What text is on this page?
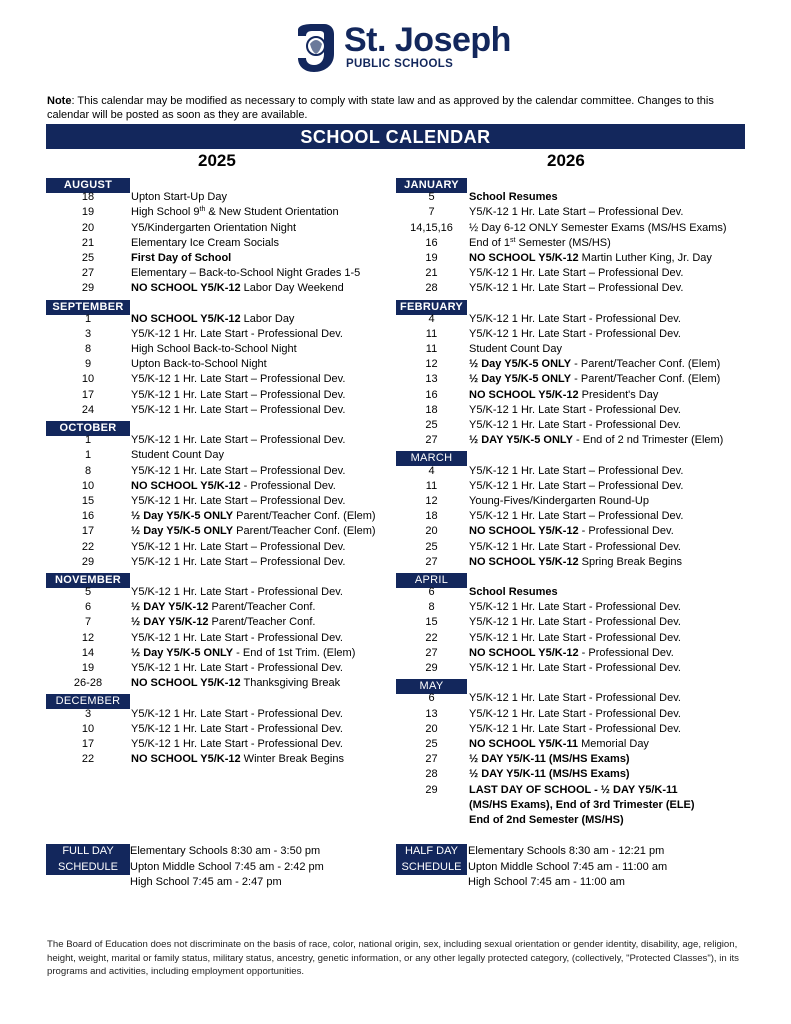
St. Joseph
PUBLIC SCHOOLS
Note: This calendar may be modified as necessary to comply with state law and as approved by the calendar committee. Changes to this calendar will be posted as soon as they are available.
SCHOOL CALENDAR
2025	2026
AUGUST
18	Upton Start-Up Day
19	High School 9th & New Student Orientation
20	Y5/Kindergarten Orientation Night
21	Elementary Ice Cream Socials
25	First Day of School
27	Elementary – Back-to-School Night Grades 1-5
29	NO SCHOOL Y5/K-12 Labor Day Weekend
SEPTEMBER
1	NO SCHOOL Y5/K-12 Labor Day
3	Y5/K-12 1 Hr. Late Start - Professional Dev.
8	High School Back-to-School Night
9	Upton Back-to-School Night
10	Y5/K-12 1 Hr. Late Start – Professional Dev.
17	Y5/K-12 1 Hr. Late Start – Professional Dev.
24	Y5/K-12 1 Hr. Late Start – Professional Dev.
OCTOBER
1	Y5/K-12 1 Hr. Late Start – Professional Dev.
1	Student Count Day
8	Y5/K-12 1 Hr. Late Start – Professional Dev.
10	NO SCHOOL Y5/K-12 - Professional Dev.
15	Y5/K-12 1 Hr. Late Start – Professional Dev.
16	½ Day Y5/K-5 ONLY Parent/Teacher Conf. (Elem)
17	½ Day Y5/K-5 ONLY Parent/Teacher Conf. (Elem)
22	Y5/K-12 1 Hr. Late Start – Professional Dev.
29	Y5/K-12 1 Hr. Late Start – Professional Dev.
NOVEMBER
5	Y5/K-12 1 Hr. Late Start - Professional Dev.
6	½ DAY Y5/K-12 Parent/Teacher Conf.
7	½ DAY Y5/K-12 Parent/Teacher Conf.
12	Y5/K-12 1 Hr. Late Start - Professional Dev.
14	½ Day Y5/K-5 ONLY - End of 1st Trim. (Elem)
19	Y5/K-12 1 Hr. Late Start - Professional Dev.
26-28	NO SCHOOL Y5/K-12 Thanksgiving Break
DECEMBER
3	Y5/K-12 1 Hr. Late Start - Professional Dev.
10	Y5/K-12 1 Hr. Late Start - Professional Dev.
17	Y5/K-12 1 Hr. Late Start - Professional Dev.
22	NO SCHOOL Y5/K-12 Winter Break Begins
JANUARY
5	School Resumes
7	Y5/K-12 1 Hr. Late Start – Professional Dev.
14,15,16	½ Day 6-12 ONLY Semester Exams (MS/HS Exams)
16	End of 1st Semester (MS/HS)
19	NO SCHOOL Y5/K-12 Martin Luther King, Jr. Day
21	Y5/K-12 1 Hr. Late Start – Professional Dev.
28	Y5/K-12 1 Hr. Late Start – Professional Dev.
FEBRUARY
4	Y5/K-12 1 Hr. Late Start - Professional Dev.
11	Y5/K-12 1 Hr. Late Start - Professional Dev.
11	Student Count Day
12	½ Day Y5/K-5 ONLY - Parent/Teacher Conf. (Elem)
13	½ Day Y5/K-5 ONLY - Parent/Teacher Conf. (Elem)
16	NO SCHOOL Y5/K-12 President's Day
18	Y5/K-12 1 Hr. Late Start - Professional Dev.
25	Y5/K-12 1 Hr. Late Start - Professional Dev.
27	½ DAY Y5/K-5 ONLY - End of 2 nd Trimester (Elem)
MARCH
4	Y5/K-12 1 Hr. Late Start – Professional Dev.
11	Y5/K-12 1 Hr. Late Start – Professional Dev.
12	Young-Fives/Kindergarten Round-Up
18	Y5/K-12 1 Hr. Late Start – Professional Dev.
20	NO SCHOOL Y5/K-12 - Professional Dev.
25	Y5/K-12 1 Hr. Late Start - Professional Dev.
27	NO SCHOOL Y5/K-12 Spring Break Begins
APRIL
6	School Resumes
8	Y5/K-12 1 Hr. Late Start - Professional Dev.
15	Y5/K-12 1 Hr. Late Start - Professional Dev.
22	Y5/K-12 1 Hr. Late Start - Professional Dev.
27	NO SCHOOL Y5/K-12 - Professional Dev.
29	Y5/K-12 1 Hr. Late Start - Professional Dev.
MAY
6	Y5/K-12 1 Hr. Late Start - Professional Dev.
13	Y5/K-12 1 Hr. Late Start - Professional Dev.
20	Y5/K-12 1 Hr. Late Start - Professional Dev.
25	NO SCHOOL Y5/K-11 Memorial Day
27	½ DAY Y5/K-11 (MS/HS Exams)
28	½ DAY Y5/K-11 (MS/HS Exams)
29	LAST DAY OF SCHOOL - ½ DAY Y5/K-11
(MS/HS Exams), End of 3rd Trimester (ELE)
End of 2nd Semester (MS/HS)
FULL DAY
SCHEDULE
Elementary Schools 8:30 am - 3:50 pm
Upton Middle School 7:45 am - 2:42 pm
High School 7:45 am - 2:47 pm
HALF DAY
SCHEDULE
Elementary Schools 8:30 am - 12:21 pm
Upton Middle School 7:45 am - 11:00 am
High School 7:45 am - 11:00 am
The Board of Education does not discriminate on the basis of race, color, national origin, sex, including sexual orientation or gender identity, disability, age, religion, height, weight, marital or family status, military status, ancestry, genetic information, or any other legally protected category, (collectively, "Protected Classes"), in its programs and activities, including employment opportunities.
